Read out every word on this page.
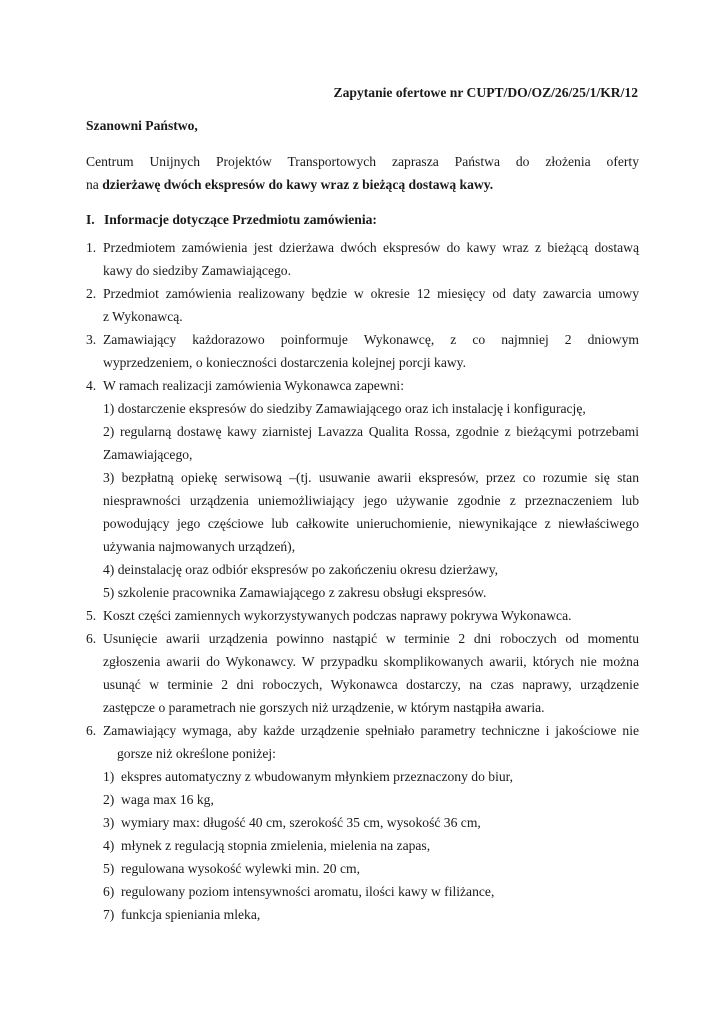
Zapytanie ofertowe nr CUPT/DO/OZ/26/25/1/KR/12
Szanowni Państwo,
Centrum Unijnych Projektów Transportowych zaprasza Państwa do złożenia oferty
na dzierżawę dwóch ekspresów do kawy wraz z bieżącą dostawą kawy.
I. Informacje dotyczące Przedmiotu zamówienia:
1. Przedmiotem zamówienia jest dzierżawa dwóch ekspresów do kawy wraz z bieżącą dostawą
kawy do siedziby Zamawiającego.
2. Przedmiot zamówienia realizowany będzie w okresie 12 miesięcy od daty zawarcia umowy
z Wykonawcą.
3. Zamawiający każdorazowo poinformuje Wykonawcę, z co najmniej 2 dniowym
wyprzedzeniem, o konieczności dostarczenia kolejnej porcji kawy.
4. W ramach realizacji zamówienia Wykonawca zapewni:
1) dostarczenie ekspresów do siedziby Zamawiającego oraz ich instalację i konfigurację,
2) regularną dostawę kawy ziarnistej Lavazza Qualita Rossa, zgodnie z bieżącymi potrzebami
Zamawiającego,
3) bezpłatną opiekę serwisową –(tj. usuwanie awarii ekspresów, przez co rozumie się stan
niesprawności urządzenia uniemożliwiający jego używanie zgodnie z przeznaczeniem lub
powodujący jego częściowe lub całkowite unieruchomienie, niewynikające z niewłaściwego
używania najmowanych urządzeń),
4) deinstalację oraz odbiór ekspresów po zakończeniu okresu dzierżawy,
5) szkolenie pracownika Zamawiającego z zakresu obsługi ekspresów.
5. Koszt części zamiennych wykorzystywanych podczas naprawy pokrywa Wykonawca.
6. Usunięcie awarii urządzenia powinno nastąpić w terminie 2 dni roboczych od momentu
zgłoszenia awarii do Wykonawcy. W przypadku skomplikowanych awarii, których nie można
usunąć w terminie 2 dni roboczych, Wykonawca dostarczy, na czas naprawy, urządzenie
zastępcze o parametrach nie gorszych niż urządzenie, w którym nastąpiła awaria.
6. Zamawiający wymaga, aby każde urządzenie spełniało parametry techniczne i jakościowe nie
gorsze niż określone poniżej:
1) ekspres automatyczny z wbudowanym młynkiem przeznaczony do biur,
2) waga max 16 kg,
3) wymiary max: długość 40 cm, szerokość 35 cm, wysokość 36 cm,
4) młynek z regulacją stopnia zmielenia, mielenia na zapas,
5) regulowana wysokość wylewki min. 20 cm,
6) regulowany poziom intensywności aromatu, ilości kawy w filiżance,
7) funkcja spieniania mleka,
